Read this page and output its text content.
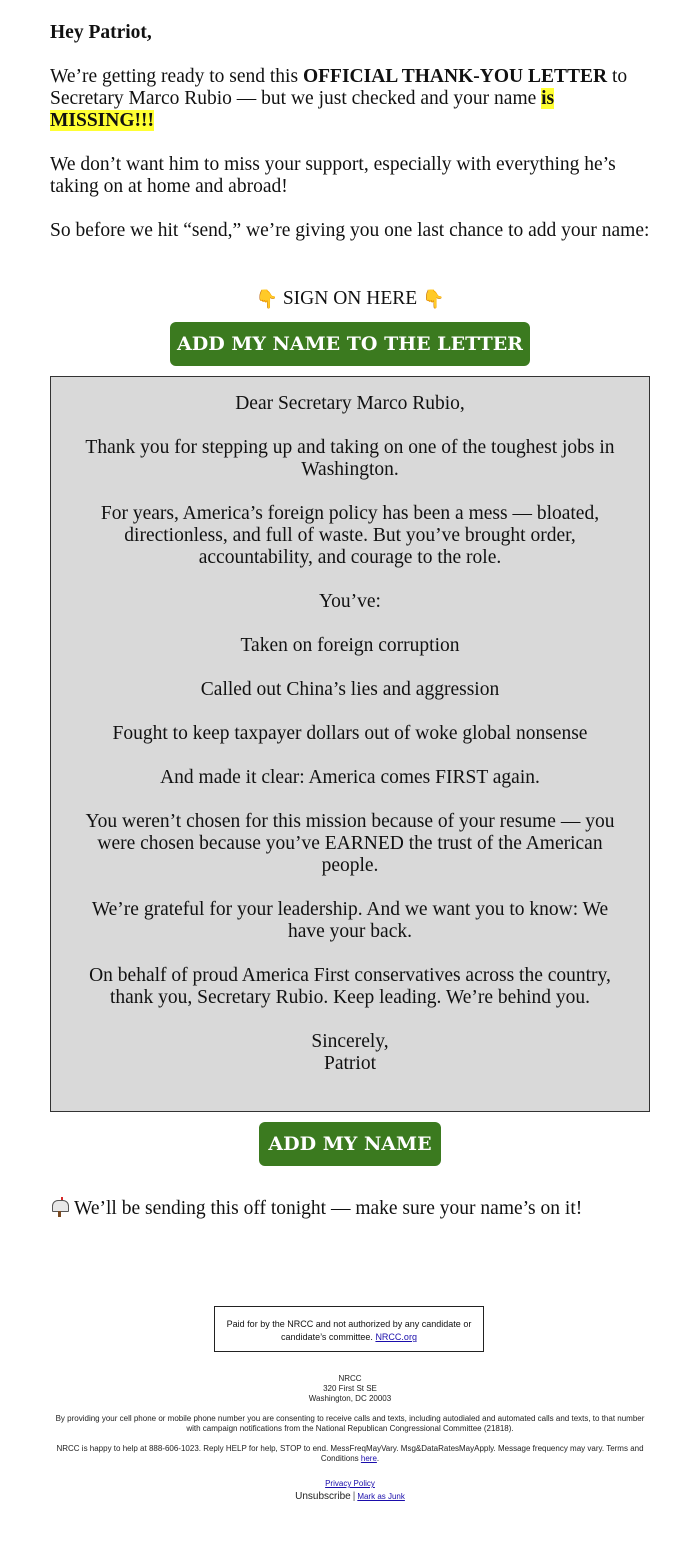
Hey Patriot,

We’re getting ready to send this OFFICIAL THANK-YOU LETTER to Secretary Marco Rubio — but we just checked and your name is MISSING!!!

We don’t want him to miss your support, especially with everything he’s taking on at home and abroad!

So before we hit “send,” we’re giving you one last chance to add your name:

👇 SIGN ON HERE 👇
ADD MY NAME TO THE LETTER

Dear Secretary Marco Rubio,

Thank you for stepping up and taking on one of the toughest jobs in Washington.

For years, America’s foreign policy has been a mess — bloated, directionless, and full of waste. But you’ve brought order, accountability, and courage to the role.

You’ve:

Taken on foreign corruption

Called out China’s lies and aggression

Fought to keep taxpayer dollars out of woke global nonsense

And made it clear: America comes FIRST again.

You weren’t chosen for this mission because of your resume — you were chosen because you’ve EARNED the trust of the American people.

We’re grateful for your leadership. And we want you to know: We have your back.

On behalf of proud America First conservatives across the country, thank you, Secretary Rubio. Keep leading. We’re behind you.

Sincerely,

Patriot

ADD MY NAME
We’ll be sending this off tonight — make sure your name’s on it!
Paid for by the NRCC and not authorized by any candidate or candidate’s committee. NRCC.org
NRCC
320 First St SE
Washington, DC 20003
By providing your cell phone or mobile phone number you are consenting to receive calls and texts, including autodialed and automated calls and texts, to that number with campaign notifications from the National Republican Congressional Committee (21818).
NRCC is happy to help at 888-606-1023. Reply HELP for help, STOP to end. MessFreqMayVary. Msg&DataRatesMayApply. Message frequency may vary. Terms and Conditions here.
Privacy Policy
Unsubscribe | Mark as Junk
